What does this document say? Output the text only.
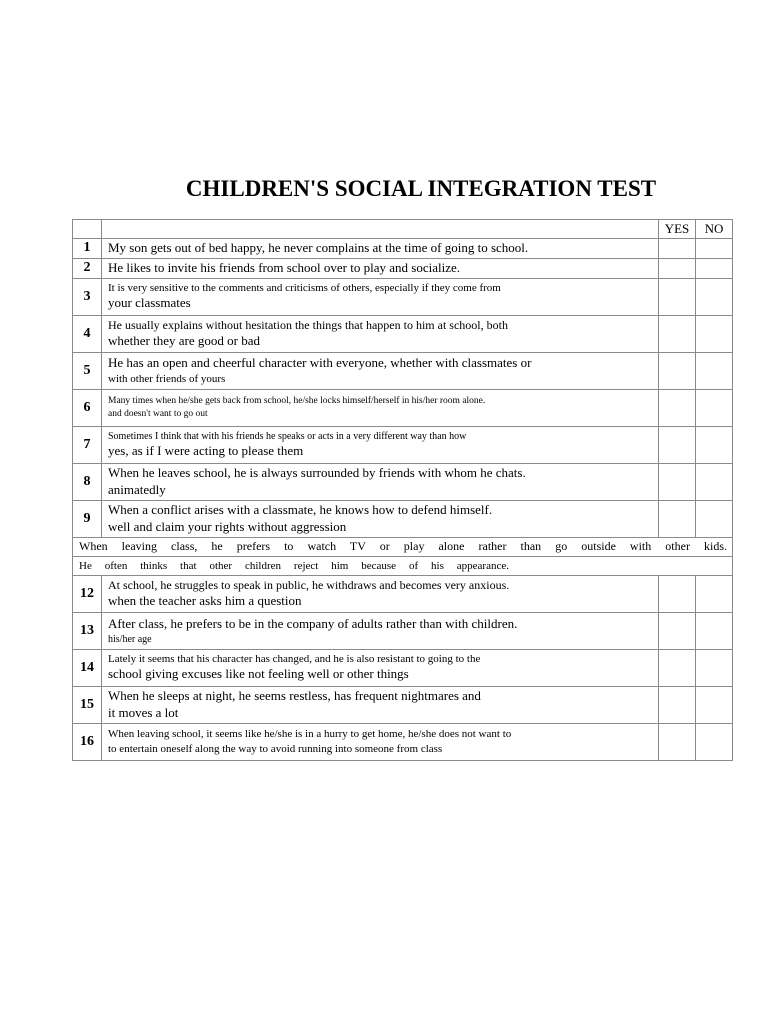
CHILDREN'S SOCIAL INTEGRATION TEST
		YES	NO
1	My son gets out of bed happy, he never complains at the time of going to school.		

2	He likes to invite his friends from school over to play and socialize.		

3	It is very sensitive to the comments and criticisms of others, especially if they come from
your classmates		

4	He usually explains without hesitation the things that happen to him at school, both
whether they are good or bad		

5	He has an open and cheerful character with everyone, whether with classmates or
with other friends of yours		

6	Many times when he/she gets back from school, he/she locks himself/herself in his/her room alone.
and doesn't want to go out		

7	Sometimes I think that with his friends he speaks or acts in a very different way than how
yes, as if I were acting to please them		

8	When he leaves school, he is always surrounded by friends with whom he chats.
animatedly		

9	When a conflict arises with a classmate, he knows how to defend himself.
well and claim your rights without aggression		

When leaving class, he prefers to watch TV or play alone rather than go outside with other kids.			

He often thinks that other children reject him because of his appearance.			

12	At school, he struggles to speak in public, he withdraws and becomes very anxious.
when the teacher asks him a question		

13	After class, he prefers to be in the company of adults rather than with children.
his/her age		

14	Lately it seems that his character has changed, and he is also resistant to going to the
school giving excuses like not feeling well or other things		

15	When he sleeps at night, he seems restless, has frequent nightmares and
it moves a lot		

16	When leaving school, it seems like he/she is in a hurry to get home, he/she does not want to
to entertain oneself along the way to avoid running into someone from class		
